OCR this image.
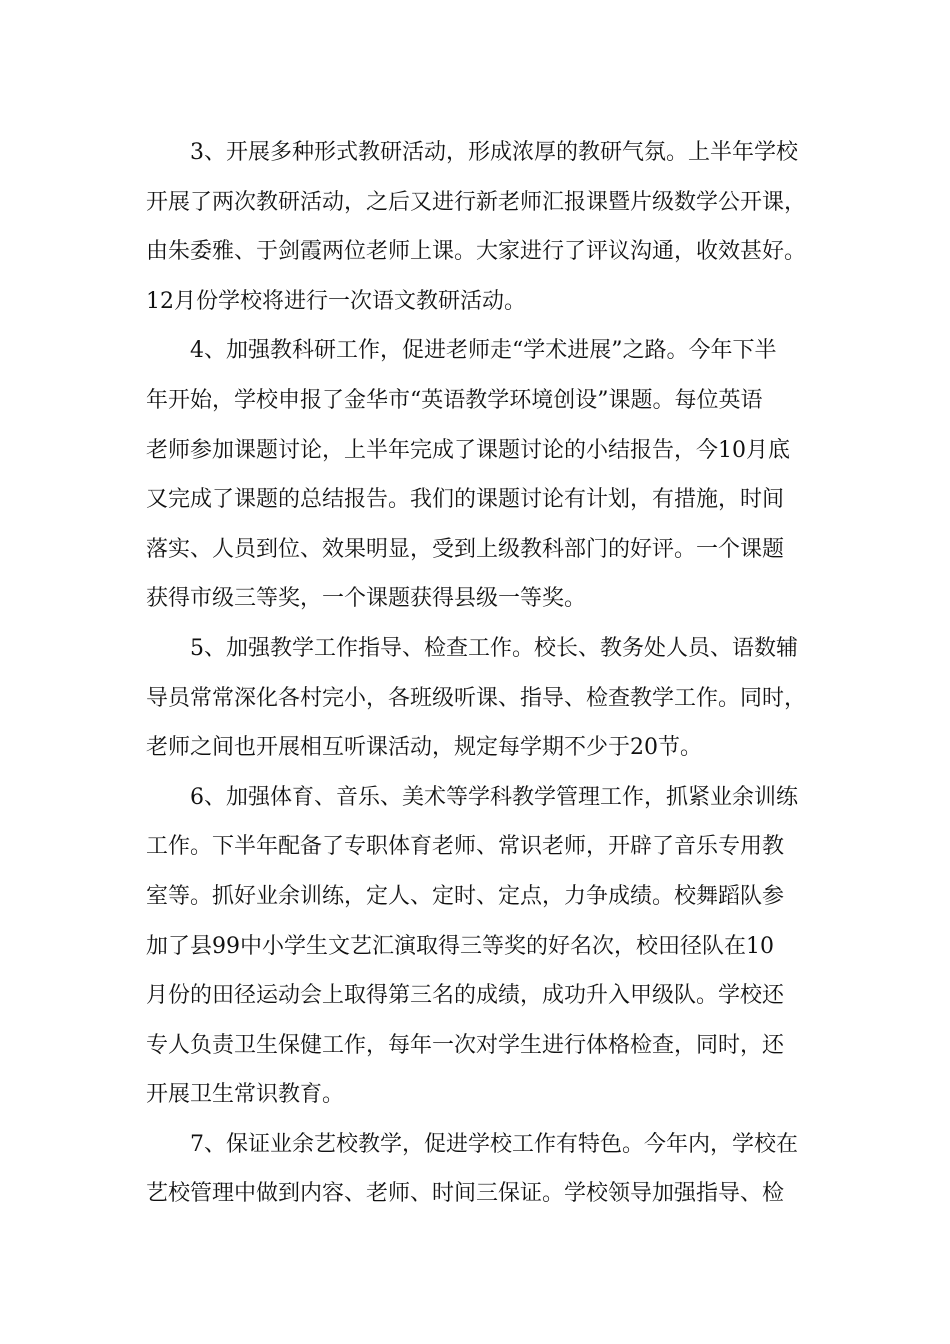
3、开展多种形式教研活动，形成浓厚的教研气氛。上半年学校
开展了两次教研活动，之后又进行新老师汇报课暨片级数学公开课，
由朱委雅、于剑霞两位老师上课。大家进行了评议沟通，收效甚好。
12月份学校将进行一次语文教研活动。
4、加强教科研工作，促进老师走“学术进展”之路。今年下半
年开始，学校申报了金华市“英语教学环境创设”课题。每位英语
老师参加课题讨论，上半年完成了课题讨论的小结报告，今10月底
又完成了课题的总结报告。我们的课题讨论有计划，有措施，时间
落实、人员到位、效果明显，受到上级教科部门的好评。一个课题
获得市级三等奖，一个课题获得县级一等奖。
5、加强教学工作指导、检查工作。校长、教务处人员、语数辅
导员常常深化各村完小，各班级听课、指导、检查教学工作。同时，
老师之间也开展相互听课活动，规定每学期不少于20节。
6、加强体育、音乐、美术等学科教学管理工作，抓紧业余训练
工作。下半年配备了专职体育老师、常识老师，开辟了音乐专用教
室等。抓好业余训练，定人、定时、定点，力争成绩。校舞蹈队参
加了县99中小学生文艺汇演取得三等奖的好名次，校田径队在10
月份的田径运动会上取得第三名的成绩，成功升入甲级队。学校还
专人负责卫生保健工作，每年一次对学生进行体格检查，同时，还
开展卫生常识教育。
7、保证业余艺校教学，促进学校工作有特色。今年内，学校在
艺校管理中做到内容、老师、时间三保证。学校领导加强指导、检
